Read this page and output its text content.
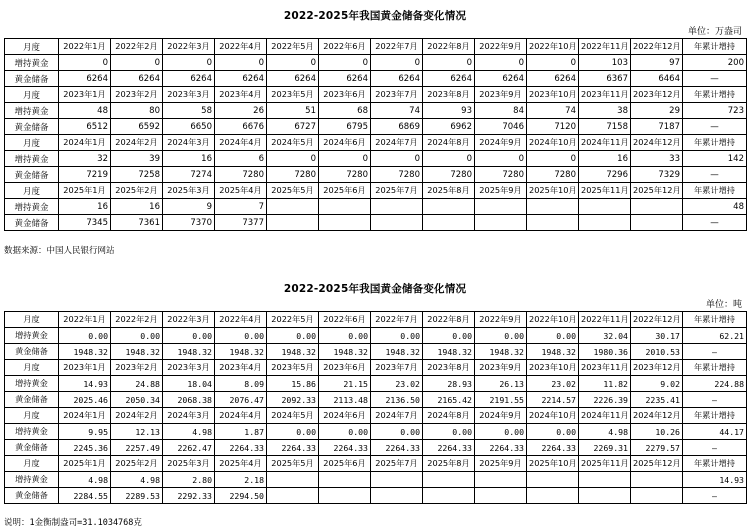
2022-2025年我国黄金储备变化情况
单位：万盎司
月度	2022年1月	2022年2月	2022年3月	2022年4月	2022年5月	2022年6月	2022年7月	2022年8月	2022年9月	2022年10月	2022年11月	2022年12月	年累计增持
增持黄金	0	0	0	0	0	0	0	0	0	0	103	97	200
黄金储备	6264	6264	6264	6264	6264	6264	6264	6264	6264	6264	6367	6464	—
月度	2023年1月	2023年2月	2023年3月	2023年4月	2023年5月	2023年6月	2023年7月	2023年8月	2023年9月	2023年10月	2023年11月	2023年12月	年累计增持
增持黄金	48	80	58	26	51	68	74	93	84	74	38	29	723
黄金储备	6512	6592	6650	6676	6727	6795	6869	6962	7046	7120	7158	7187	—
月度	2024年1月	2024年2月	2024年3月	2024年4月	2024年5月	2024年6月	2024年7月	2024年8月	2024年9月	2024年10月	2024年11月	2024年12月	年累计增持
增持黄金	32	39	16	6	0	0	0	0	0	0	16	33	142
黄金储备	7219	7258	7274	7280	7280	7280	7280	7280	7280	7280	7296	7329	—
月度	2025年1月	2025年2月	2025年3月	2025年4月	2025年5月	2025年6月	2025年7月	2025年8月	2025年9月	2025年10月	2025年11月	2025年12月	年累计增持
增持黄金	16	16	9	7									48
黄金储备	7345	7361	7370	7377									—
数据来源：中国人民银行网站
2022-2025年我国黄金储备变化情况
单位：吨
月度	2022年1月	2022年2月	2022年3月	2022年4月	2022年5月	2022年6月	2022年7月	2022年8月	2022年9月	2022年10月	2022年11月	2022年12月	年累计增持
增持黄金	0.00	0.00	0.00	0.00	0.00	0.00	0.00	0.00	0.00	0.00	32.04	30.17	62.21
黄金储备	1948.32	1948.32	1948.32	1948.32	1948.32	1948.32	1948.32	1948.32	1948.32	1948.32	1980.36	2010.53	—
月度	2023年1月	2023年2月	2023年3月	2023年4月	2023年5月	2023年6月	2023年7月	2023年8月	2023年9月	2023年10月	2023年11月	2023年12月	年累计增持
增持黄金	14.93	24.88	18.04	8.09	15.86	21.15	23.02	28.93	26.13	23.02	11.82	9.02	224.88
黄金储备	2025.46	2050.34	2068.38	2076.47	2092.33	2113.48	2136.50	2165.42	2191.55	2214.57	2226.39	2235.41	—
月度	2024年1月	2024年2月	2024年3月	2024年4月	2024年5月	2024年6月	2024年7月	2024年8月	2024年9月	2024年10月	2024年11月	2024年12月	年累计增持
增持黄金	9.95	12.13	4.98	1.87	0.00	0.00	0.00	0.00	0.00	0.00	4.98	10.26	44.17
黄金储备	2245.36	2257.49	2262.47	2264.33	2264.33	2264.33	2264.33	2264.33	2264.33	2264.33	2269.31	2279.57	—
月度	2025年1月	2025年2月	2025年3月	2025年4月	2025年5月	2025年6月	2025年7月	2025年8月	2025年9月	2025年10月	2025年11月	2025年12月	年累计增持
增持黄金	4.98	4.98	2.80	2.18									14.93
黄金储备	2284.55	2289.53	2292.33	2294.50									—
说明：1金衡制盎司=31.1034768克
